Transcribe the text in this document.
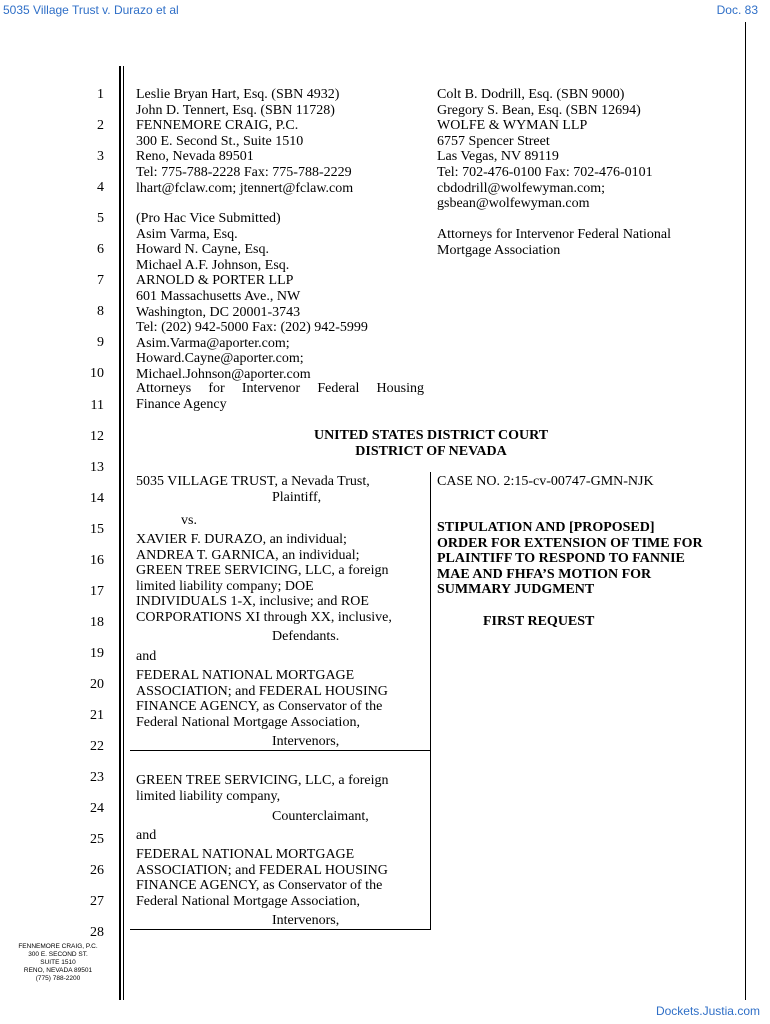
5035 Village Trust v. Durazo et al	Doc. 83
1
2
3
4
5
6
7
8
9
10
11
12
13
14
15
16
17
18
19
20
21
22
23
24
25
26
27
28
Leslie Bryan Hart, Esq. (SBN 4932)
John D. Tennert, Esq. (SBN 11728)
FENNEMORE CRAIG, P.C.
300 E. Second St., Suite 1510
Reno, Nevada 89501
Tel: 775-788-2228 Fax: 775-788-2229
lhart@fclaw.com; jtennert@fclaw.com
(Pro Hac Vice Submitted)
Asim Varma, Esq.
Howard N. Cayne, Esq.
Michael A.F. Johnson, Esq.
ARNOLD & PORTER LLP
601 Massachusetts Ave., NW
Washington, DC 20001-3743
Tel: (202) 942-5000 Fax: (202) 942-5999
Asim.Varma@aporter.com;
Howard.Cayne@aporter.com;
Michael.Johnson@aporter.com
Attorneys for Intervenor Federal Housing
Finance Agency
Colt B. Dodrill, Esq. (SBN 9000)
Gregory S. Bean, Esq. (SBN 12694)
WOLFE & WYMAN LLP
6757 Spencer Street
Las Vegas, NV 89119
Tel: 702-476-0100 Fax: 702-476-0101
cbdodrill@wolfewyman.com;
gsbean@wolfewyman.com
Attorneys for Intervenor Federal National
Mortgage Association
UNITED STATES DISTRICT COURT
DISTRICT OF NEVADA
5035 VILLAGE TRUST, a Nevada Trust,
Plaintiff,
vs.
XAVIER F. DURAZO, an individual;
ANDREA T. GARNICA, an individual;
GREEN TREE SERVICING, LLC, a foreign
limited liability company; DOE
INDIVIDUALS 1-X, inclusive; and ROE
CORPORATIONS XI through XX, inclusive,
Defendants.
and
FEDERAL NATIONAL MORTGAGE
ASSOCIATION; and FEDERAL HOUSING
FINANCE AGENCY, as Conservator of the
Federal National Mortgage Association,
Intervenors,
GREEN TREE SERVICING, LLC, a foreign
limited liability company,
Counterclaimant,
and
FEDERAL NATIONAL MORTGAGE
ASSOCIATION; and FEDERAL HOUSING
FINANCE AGENCY, as Conservator of the
Federal National Mortgage Association,
Intervenors,
CASE NO. 2:15-cv-00747-GMN-NJK
STIPULATION AND [PROPOSED]
ORDER FOR EXTENSION OF TIME FOR
PLAINTIFF TO RESPOND TO FANNIE
MAE AND FHFA’S MOTION FOR
SUMMARY JUDGMENT
FIRST REQUEST
FENNEMORE CRAIG, P.C.
300 E. SECOND ST.
SUITE 1510
RENO, NEVADA 89501
(775) 788-2200
Dockets.Justia.com
